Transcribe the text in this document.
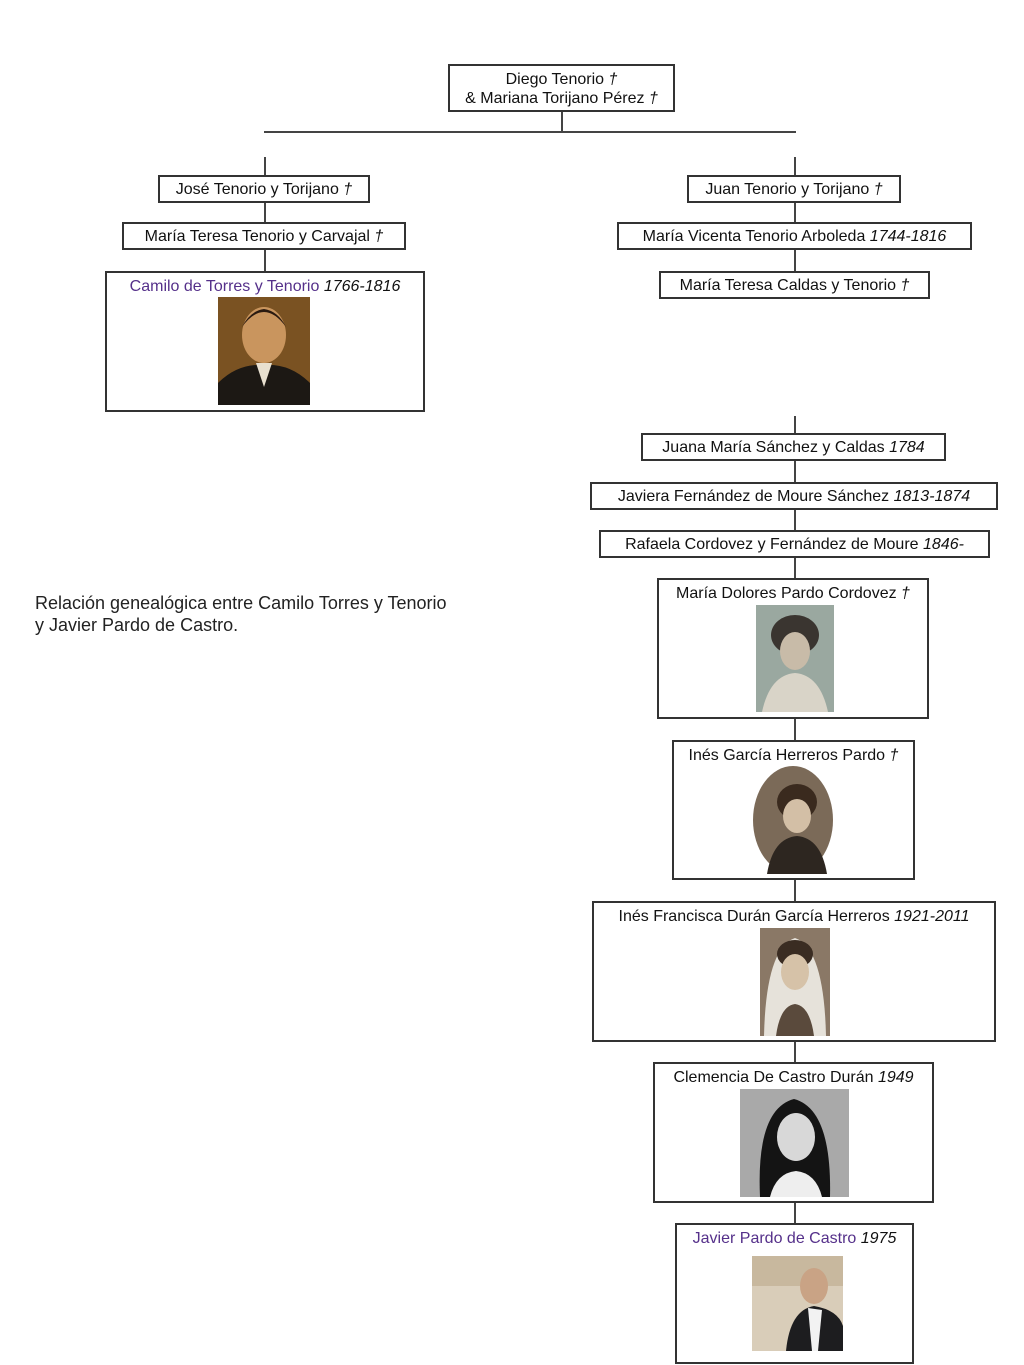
Diego Tenorio †
& Mariana Torijano Pérez †
José Tenorio y Torijano †
María Teresa Tenorio y Carvajal †
Camilo de Torres y Tenorio 1766-1816
Juan Tenorio y Torijano †
María Vicenta Tenorio Arboleda 1744-1816
María Teresa Caldas y Tenorio †
Juana María Sánchez y Caldas 1784
Javiera Fernández de Moure Sánchez 1813-1874
Rafaela Cordovez y Fernández de Moure 1846-
María Dolores Pardo Cordovez †
Inés García Herreros Pardo †
Inés Francisca Durán García Herreros 1921-2011
Clemencia De Castro Durán 1949
Javier Pardo de Castro 1975
Relación genealógica entre Camilo Torres y Tenorio
y Javier Pardo de Castro.
